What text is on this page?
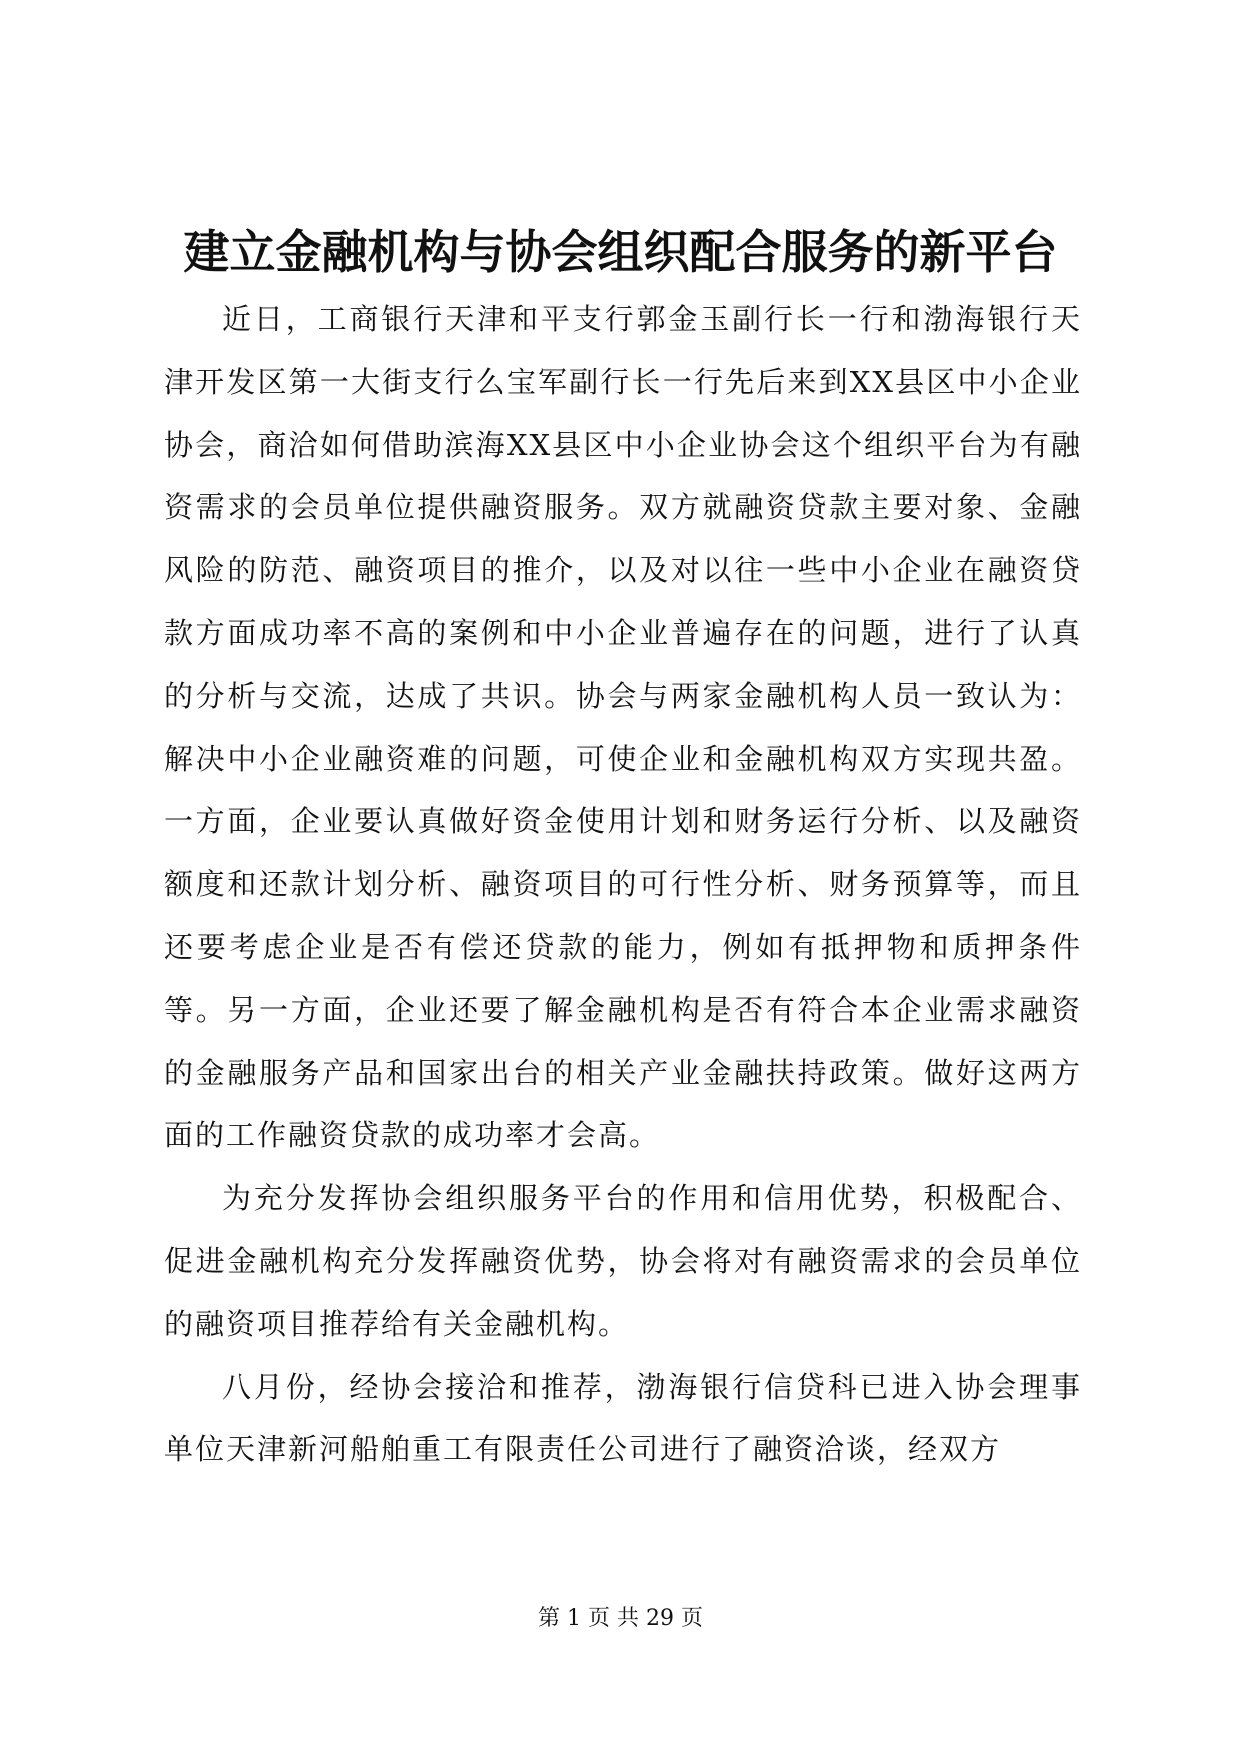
建立金融机构与协会组织配合服务的新平台

近日，工商银行天津和平支行郭金玉副行长一行和渤海银行天津开发区第一大街支行么宝军副行长一行先后来到XX县区中小企业协会，商洽如何借助滨海XX县区中小企业协会这个组织平台为有融资需求的会员单位提供融资服务。双方就融资贷款主要对象、金融风险的防范、融资项目的推介，以及对以往一些中小企业在融资贷款方面成功率不高的案例和中小企业普遍存在的问题，进行了认真的分析与交流，达成了共识。协会与两家金融机构人员一致认为：解决中小企业融资难的问题，可使企业和金融机构双方实现共盈。一方面，企业要认真做好资金使用计划和财务运行分析、以及融资额度和还款计划分析、融资项目的可行性分析、财务预算等，而且还要考虑企业是否有偿还贷款的能力，例如有抵押物和质押条件等。另一方面，企业还要了解金融机构是否有符合本企业需求融资的金融服务产品和国家出台的相关产业金融扶持政策。做好这两方面的工作融资贷款的成功率才会高。

为充分发挥协会组织服务平台的作用和信用优势，积极配合、促进金融机构充分发挥融资优势，协会将对有融资需求的会员单位的融资项目推荐给有关金融机构。

八月份，经协会接洽和推荐，渤海银行信贷科已进入协会理事单位天津新河船舶重工有限责任公司进行了融资洽谈，经双方

第 1 页 共 29 页
